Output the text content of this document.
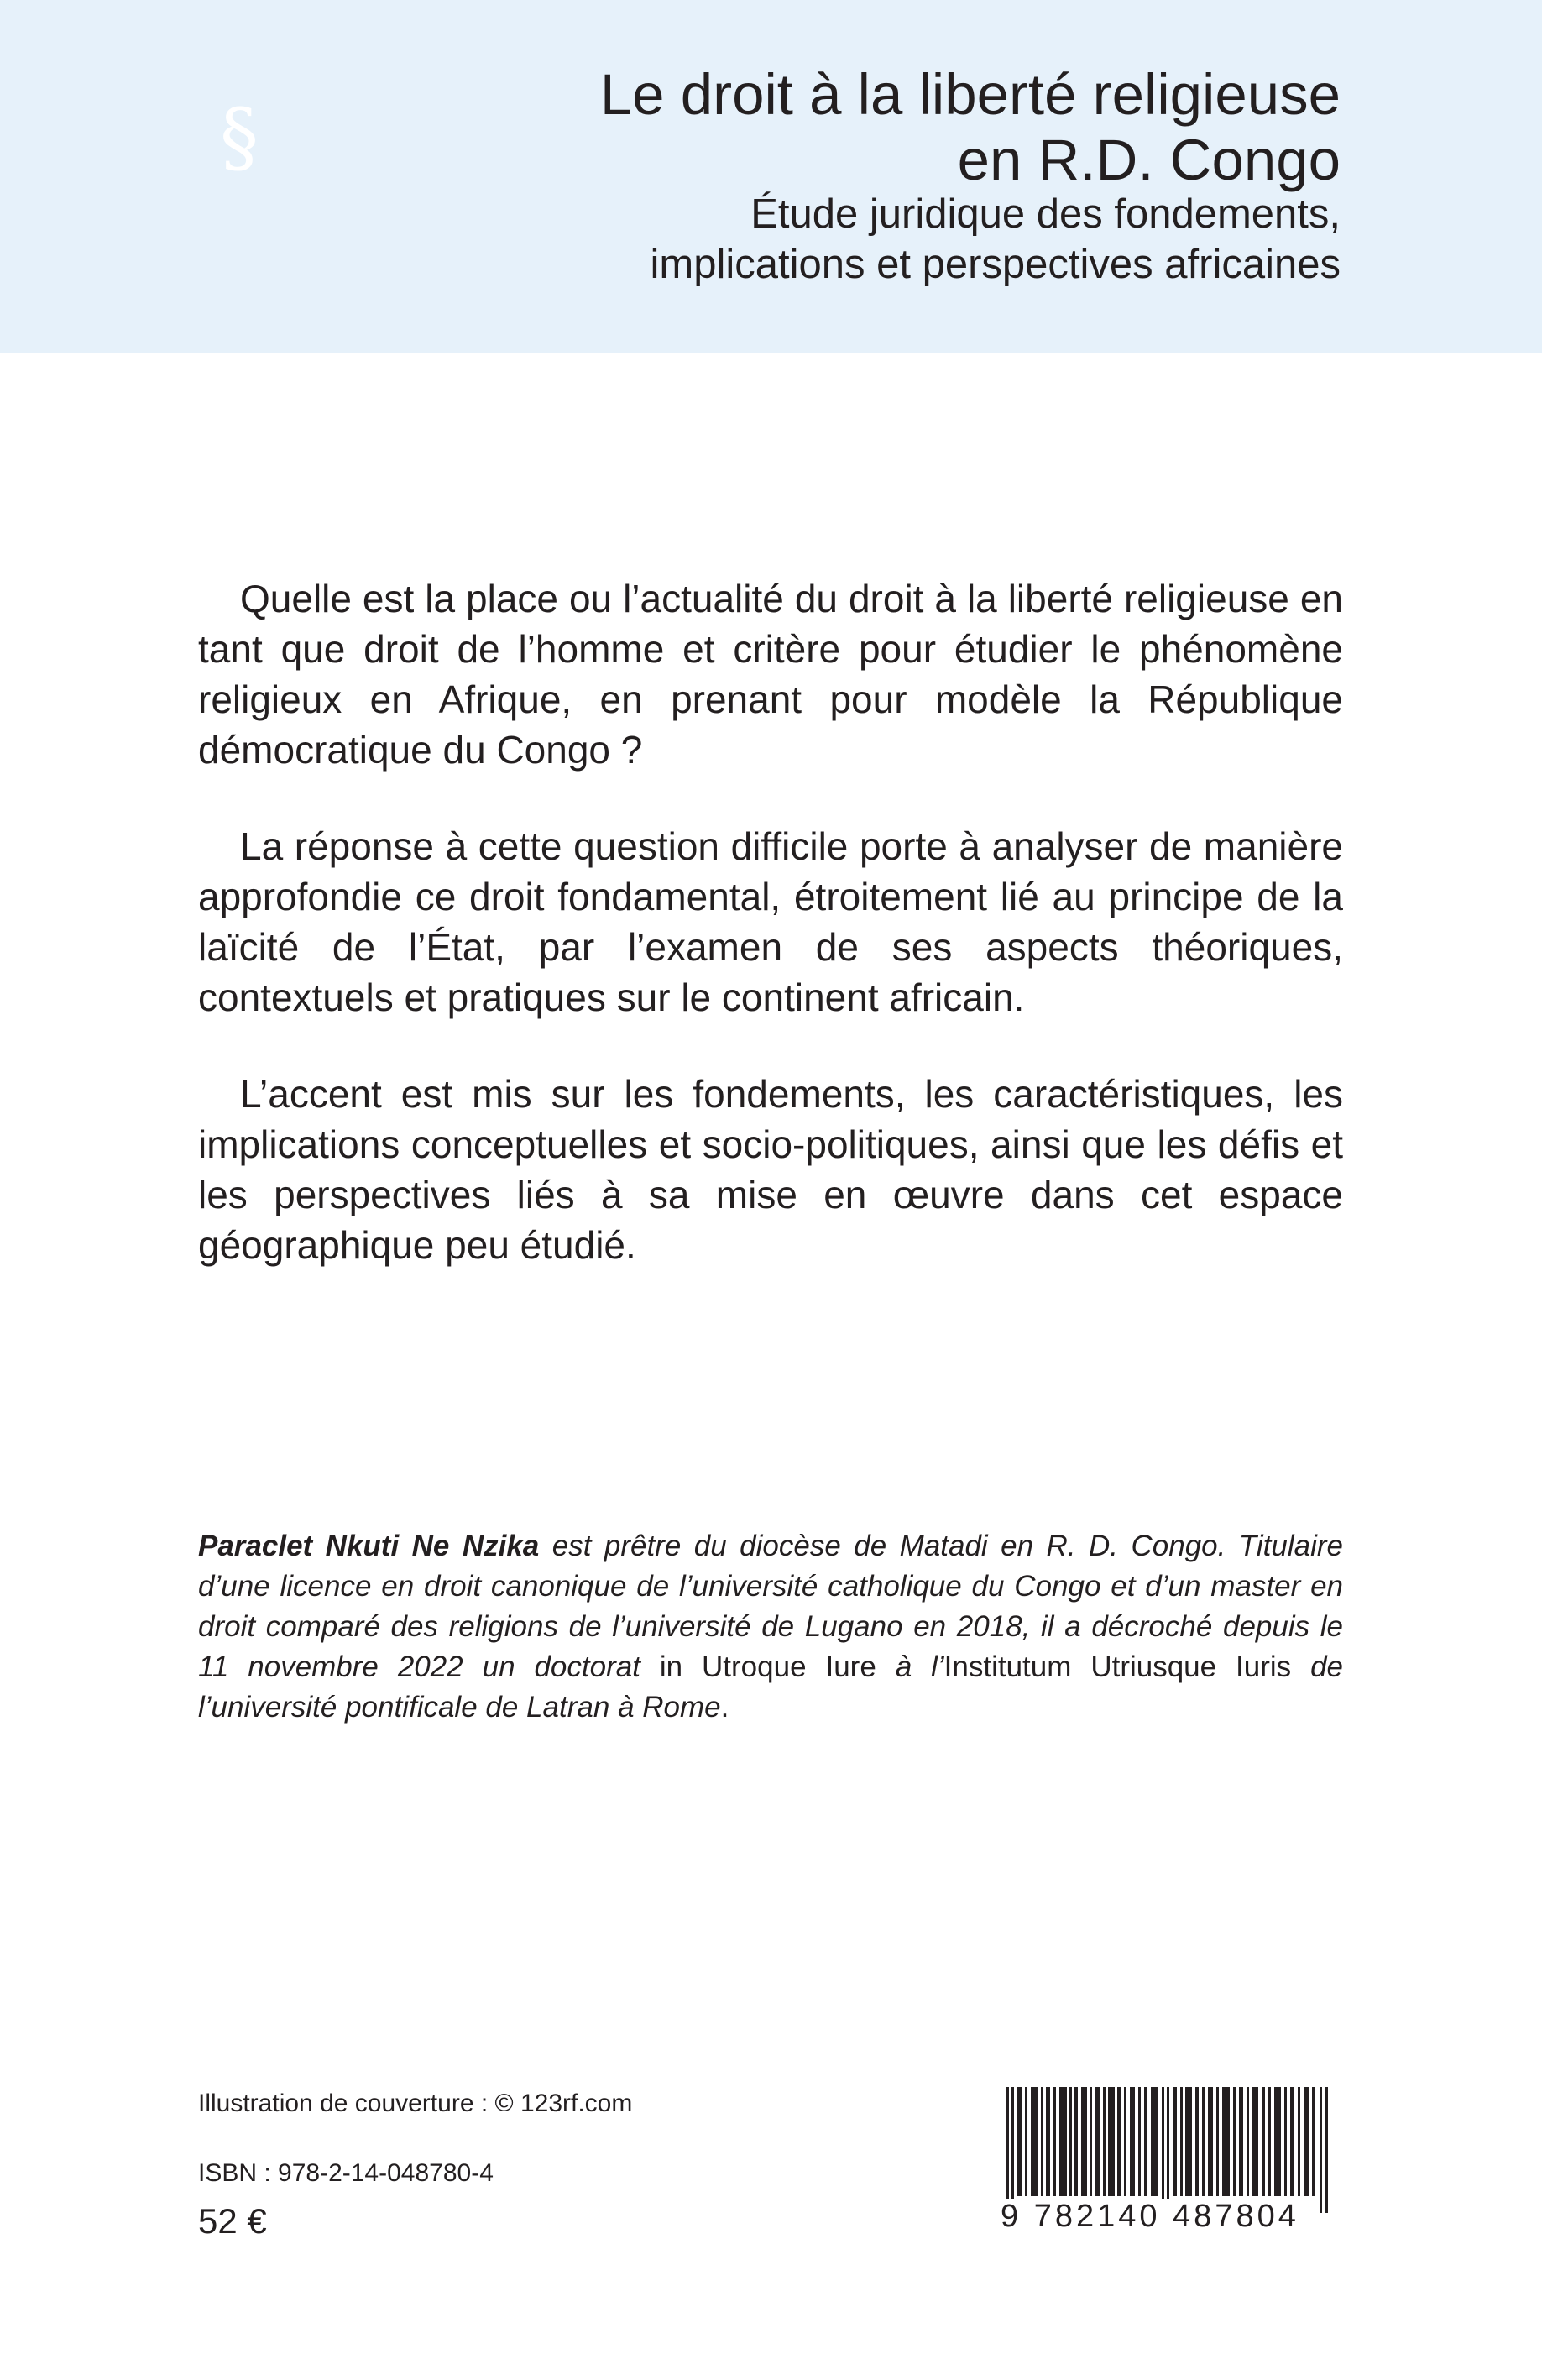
§	Le droit à la liberté religieuse
en R.D. Congo
Étude juridique des fondements,
implications et perspectives africaines

Quelle est la place ou l’actualité du droit à la liberté religieuse en tant que droit de l’homme et critère pour étudier le phénomène religieux en Afrique, en prenant pour modèle la République démocratique du Congo ?

La réponse à cette question difficile porte à analyser de manière approfondie ce droit fondamental, étroitement lié au principe de la laïcité de l’État, par l’examen de ses aspects théoriques, contextuels et pratiques sur le continent africain.

L’accent est mis sur les fondements, les caractéristiques, les implications conceptuelles et socio-politiques, ainsi que les défis et les perspectives liés à sa mise en œuvre dans cet espace géographique peu étudié.

Paraclet Nkuti Ne Nzika est prêtre du diocèse de Matadi en R. D. Congo. Titulaire d’une licence en droit canonique de l’université catholique du Congo et d’un master en droit comparé des religions de l’université de Lugano en 2018, il a décroché depuis le 11 novembre 2022 un doctorat in Utroque Iure à l’Institutum Utriusque Iuris de l’université pontificale de Latran à Rome.
Illustration de couverture : © 123rf.com
ISBN : 978-2-14-048780-4
52 €	9 782140 487804
